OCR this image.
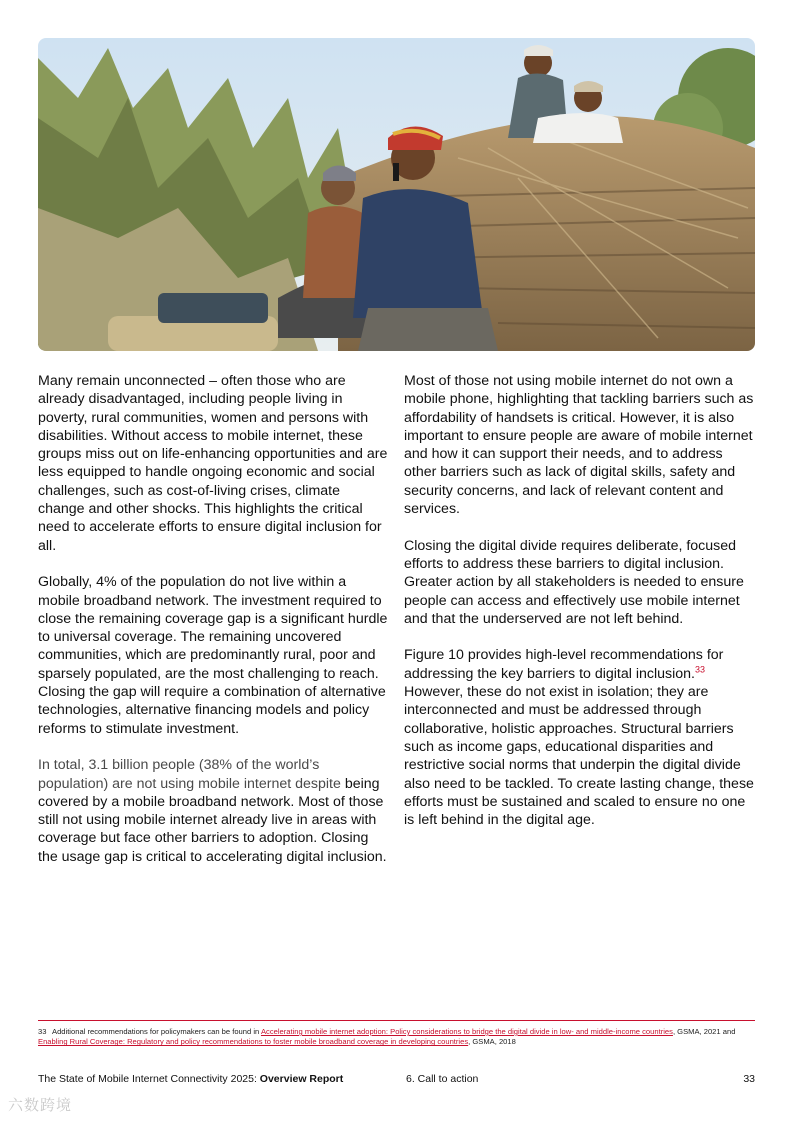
Many remain unconnected – often those who are already disadvantaged, including people living in poverty, rural communities, women and persons with disabilities. Without access to mobile internet, these groups miss out on life-enhancing opportunities and are less equipped to handle ongoing economic and social challenges, such as cost-of-living crises, climate change and other shocks. This highlights the critical need to accelerate efforts to ensure digital inclusion for all.

Globally, 4% of the population do not live within a mobile broadband network. The investment required to close the remaining coverage gap is a significant hurdle to universal coverage. The remaining uncovered communities, which are predominantly rural, poor and sparsely populated, are the most challenging to reach. Closing the gap will require a combination of alternative technologies, alternative financing models and policy reforms to stimulate investment.

In total, 3.1 billion people (38% of the world’s population) are not using mobile internet despite being covered by a mobile broadband network. Most of those still not using mobile internet already live in areas with coverage but face other barriers to adoption. Closing the usage gap is critical to accelerating digital inclusion.

Most of those not using mobile internet do not own a mobile phone, highlighting that tackling barriers such as affordability of handsets is critical. However, it is also important to ensure people are aware of mobile internet and how it can support their needs, and to address other barriers such as lack of digital skills, safety and security concerns, and lack of relevant content and services.

Closing the digital divide requires deliberate, focused efforts to address these barriers to digital inclusion. Greater action by all stakeholders is needed to ensure people can access and effectively use mobile internet and that the underserved are not left behind.

Figure 10 provides high-level recommendations for addressing the key barriers to digital inclusion.$^{33}$ However, these do not exist in isolation; they are interconnected and must be addressed through collaborative, holistic approaches. Structural barriers such as income gaps, educational disparities and restrictive social norms that underpin the digital divide also need to be tackled. To create lasting change, these efforts must be sustained and scaled to ensure no one is left behind in the digital age.

33 Additional recommendations for policymakers can be found in Accelerating mobile internet adoption: Policy considerations to bridge the digital divide in low- and middle-income countries, GSMA, 2021 and Enabling Rural Coverage: Regulatory and policy recommendations to foster mobile broadband coverage in developing countries, GSMA, 2018
The State of Mobile Internet Connectivity 2025: Overview Report	6. Call to action	33
六数跨境
